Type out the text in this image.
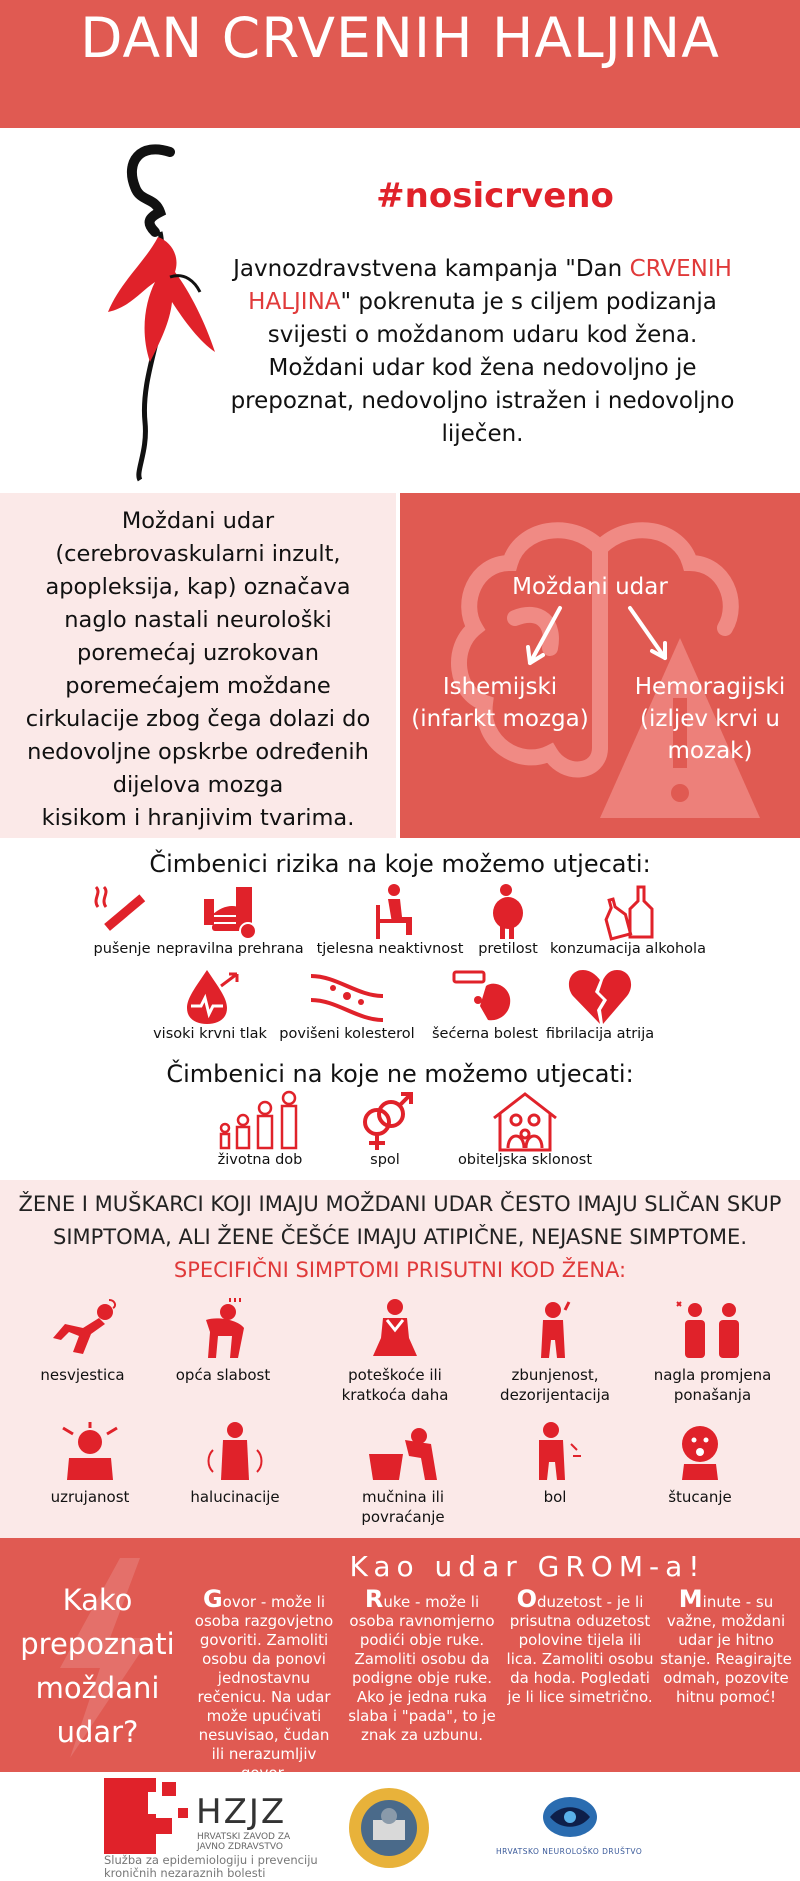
DAN CRVENIH HALJINA
#nosicrveno
Javnozdravstvena kampanja "Dan CRVENIH HALJINA" pokrenuta je s ciljem podizanja svijesti o moždanom udaru kod žena. Moždani udar kod žena nedovoljno je prepoznat, nedovoljno istražen i nedovoljno liječen.
Moždani udar
(cerebrovaskularni inzult,
apopleksija, kap) označava
naglo nastali neurološki
poremećaj uzrokovan
poremećajem moždane
cirkulacije zbog čega dolazi do
nedovoljne opskrbe određenih
dijelova mozga
kisikom i hranjivim tvarima.
Moždani udar
Ishemijski
(infarkt mozga)
Hemoragijski
(izljev krvi u
mozak)
Čimbenici rizika na koje možemo utjecati:
pušenje nepravilna prehrana tjelesna neaktivnost	pretilost konzumacija alkohola
visoki krvni tlak povišeni kolesterol	šećerna bolest fibrilacija atrija
Čimbenici na koje ne možemo utjecati:
životna dob	spol	obiteljska sklonost
ŽENE I MUŠKARCI KOJI IMAJU MOŽDANI UDAR ČESTO IMAJU SLIČAN SKUP SIMPTOMA, ALI ŽENE ČEŠĆE IMAJU ATIPIČNE, NEJASNE SIMPTOME. SPECIFIČNI SIMPTOMI PRISUTNI KOD ŽENA:
nesvjestica	opća slabost	poteškoće ili kratkoća daha
zbunjenost, dezorijentacija
nagla promjena ponašanja
uzrujanost	halucinacije	mučnina ili povraćanje
bol	štucanje
Kao udar GROM-a!
Kako
prepoznati
moždani
udar?
Govor - može li osoba razgovjetno govoriti. Zamoliti osobu da ponovi jednostavnu rečenicu. Na udar može upućivati nesuvisao, čudan ili nerazumljiv
Ruke - može li osoba ravnomjerno podići obje ruke. Zamoliti osobu da podigne obje ruke. Ako je jedna ruka slaba i "pada", to je znak za uzbunu.
Oduzetost - je li prisutna oduzetost polovine tijela ili lica. Zamoliti osobu da hoda. Pogledati je li lice simetrično.
Minute - su važne, moždani udar je hitno stanje. Reagirajte odmah, pozovite hitnu pomoć!
HZJZ
HRVATSKI ZAVOD ZA JAVNO ZDRAVSTVO
Služba za epidemiologiju i prevenciju kroničnih nezaraznih bolesti
HRVATSKO NEUROLOŠKO DRUŠTVO
